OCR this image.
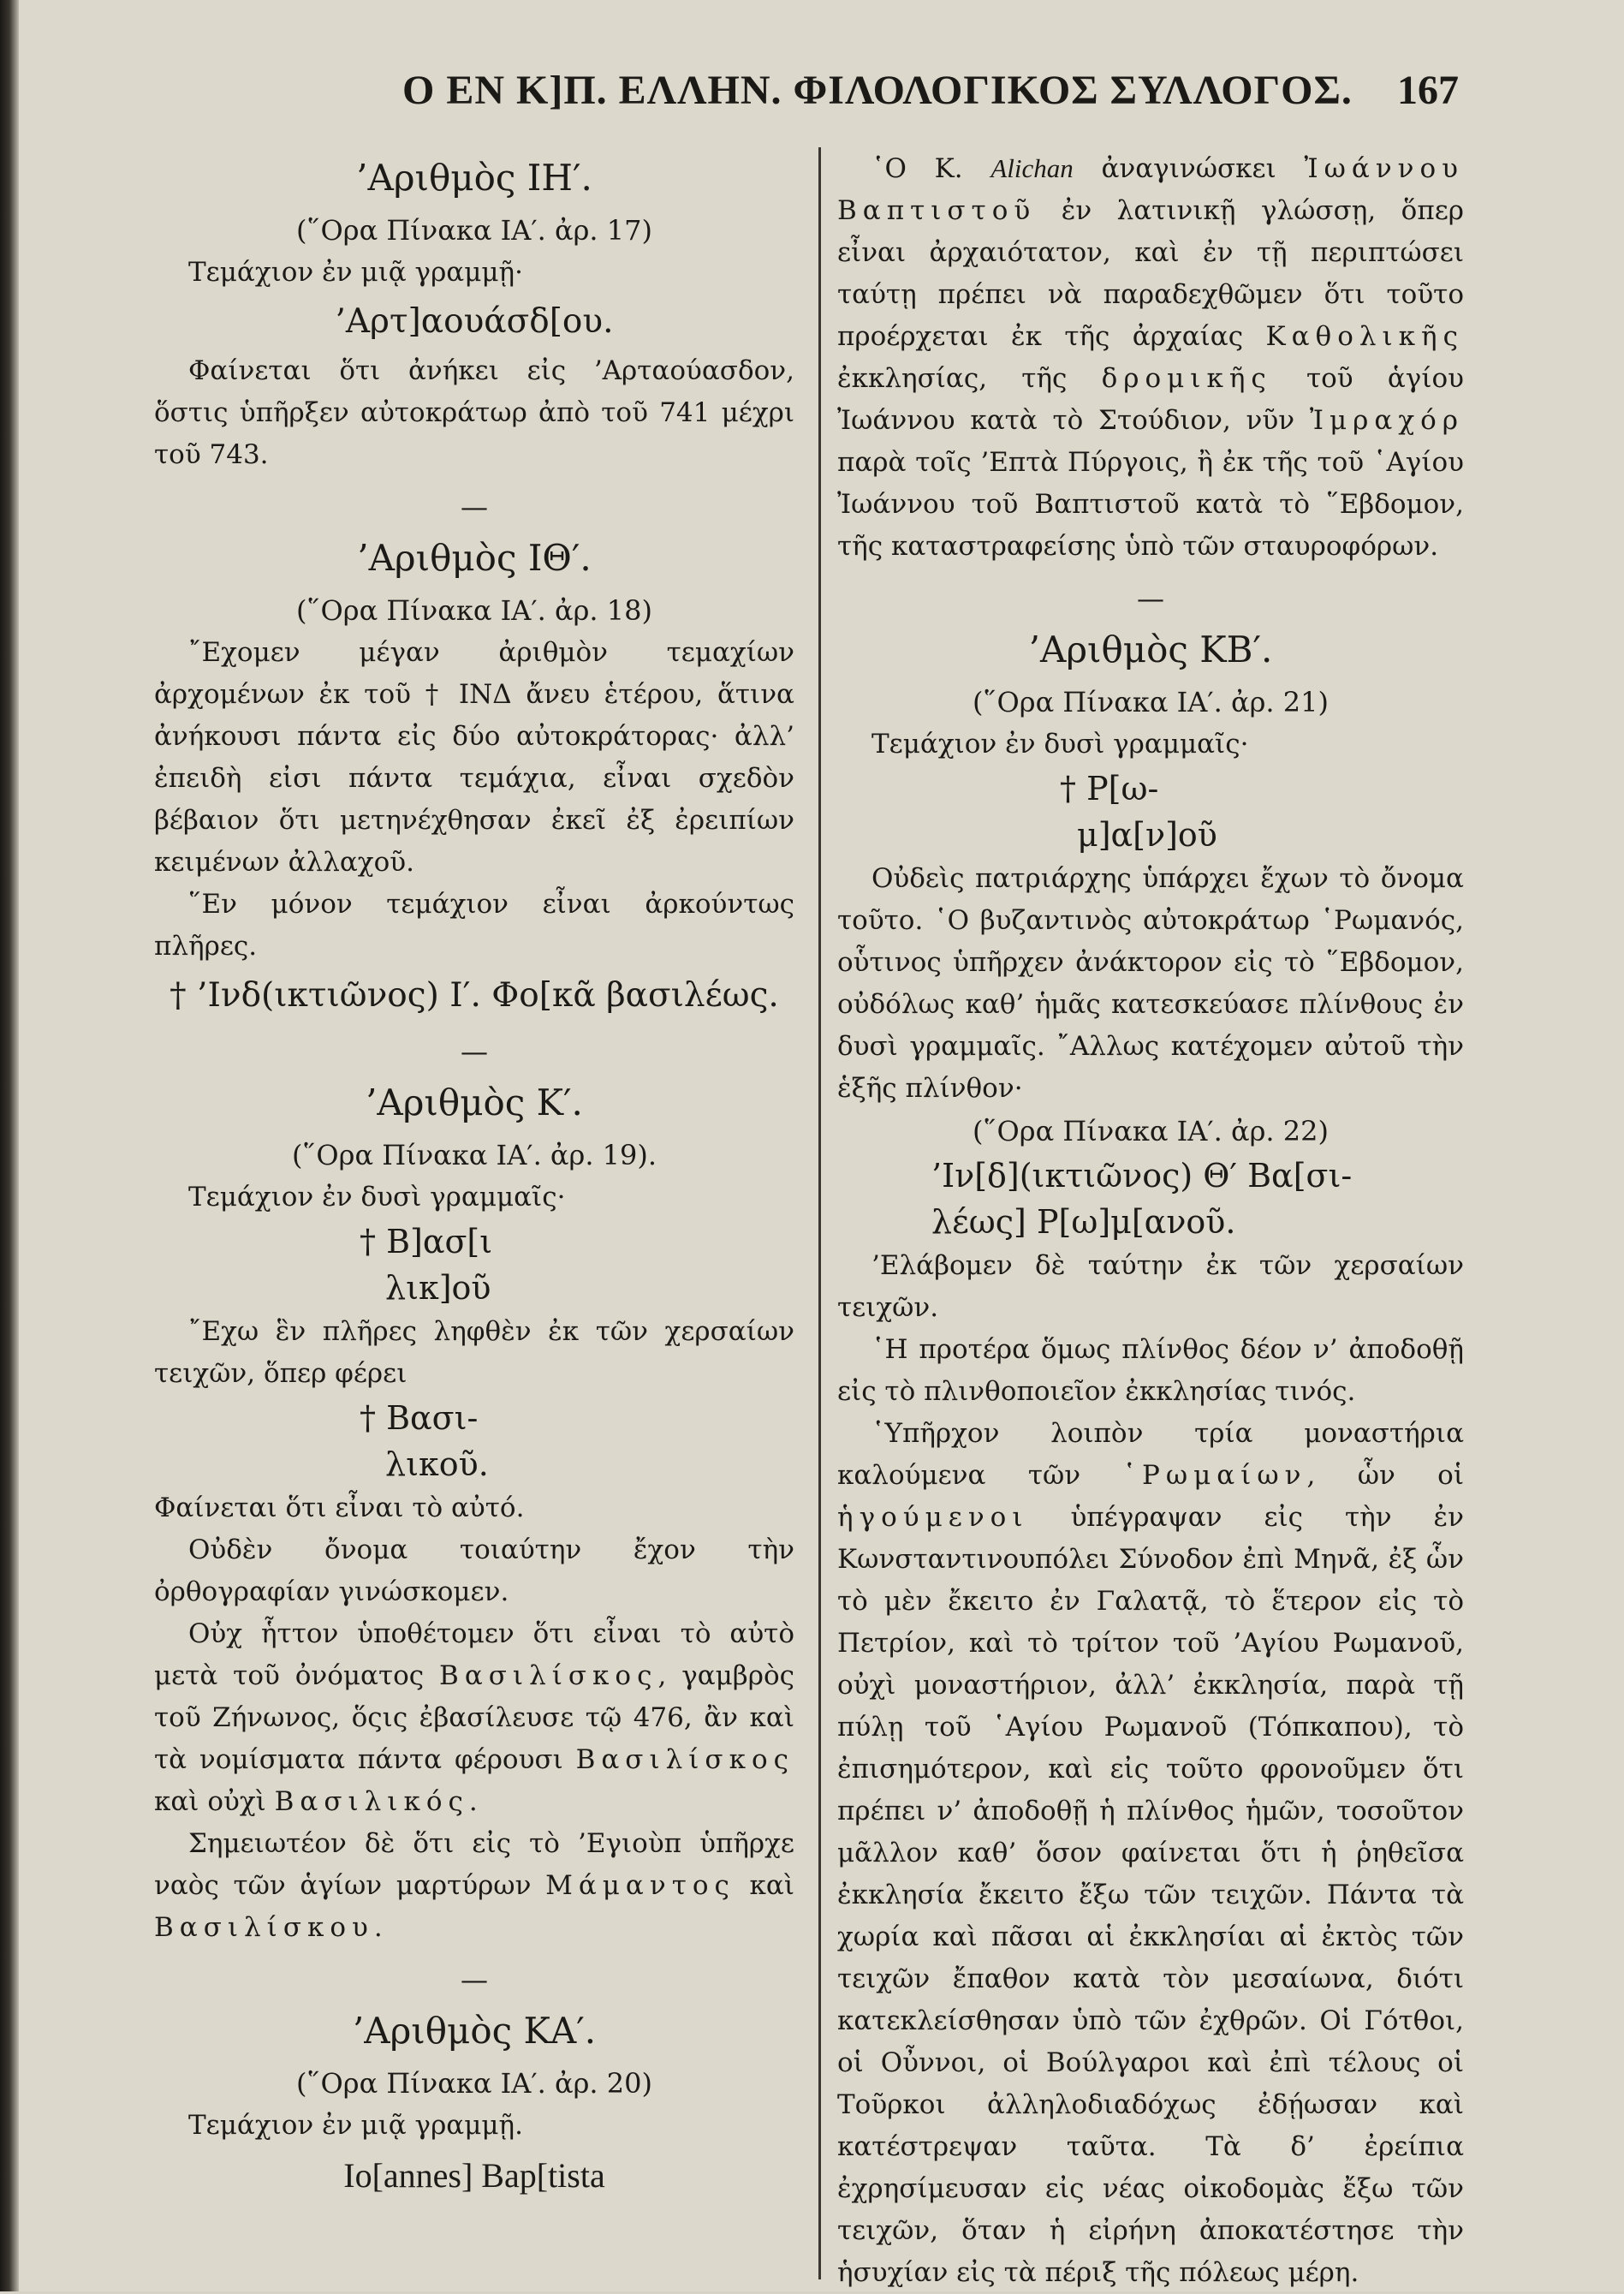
Ο ΕΝ Κ]Π. ΕΛΛΗΝ. ΦΙΛΟΛΟΓΙΚΟΣ ΣΥΛΛΟΓΟΣ. 167
’Αριθμὸς ΙΗ′.
(῞Ορα Πίνακα ΙΑ′. ἀρ. 17)

Τεμάχιον ἐν μιᾷ γραμμῇ·

’Αρτ]αουάσδ[ου.

Φαίνεται ὅτι ἀνήκει εἰς ’Αρταούασδον, ὅστις ὑπῆρξεν αὐτοκράτωρ ἀπὸ τοῦ 741 μέχρι τοῦ 743.

—
’Αριθμὸς ΙΘ′.
(῞Ορα Πίνακα ΙΑ′. ἀρ. 18)

῎Εχομεν μέγαν ἀριθμὸν τεμαχίων ἀρχομένων ἐκ τοῦ † ΙΝΔ ἄνευ ἑτέρου, ἅτινα ἀνήκουσι πάντα εἰς δύο αὐτοκράτορας· ἀλλ’ ἐπειδὴ εἰσι πάντα τεμάχια, εἶναι σχεδὸν βέβαιον ὅτι μετηνέχθησαν ἐκεῖ ἐξ ἐρειπίων κειμένων ἀλλαχοῦ.

῞Εν μόνον τεμάχιον εἶναι ἀρκούντως πλῆρες.

† ’Ινδ(ικτιῶνος) Ι′. Φο[κᾶ βασιλέως.
—
’Αριθμὸς Κ′.
(῞Ορα Πίνακα ΙΑ′. ἀρ. 19).

Τεμάχιον ἐν δυσὶ γραμμαῖς·

† Β]ασ[ι
λικ]οῦ

῎Εχω ἓν πλῆρες ληφθὲν ἐκ τῶν χερσαίων τειχῶν, ὅπερ φέρει

† Βασι-
λικοῦ.

Φαίνεται ὅτι εἶναι τὸ αὐτό.

Οὐδὲν ὄνομα τοιαύτην ἔχον τὴν ὀρθογραφίαν γινώσκομεν.

Οὐχ ἧττον ὑποθέτομεν ὅτι εἶναι τὸ αὐτὸ μετὰ τοῦ ὀνόματος Βασιλίσκος, γαμβρὸς τοῦ Ζήνωνος, ὅςις ἐβασίλευσε τῷ 476, ἂν καὶ τὰ νομίσματα πάντα φέρουσι Βασιλίσκος καὶ οὐχὶ Βασιλικός.

Σημειωτέον δὲ ὅτι εἰς τὸ ’Εγιοὺπ ὑπῆρχε ναὸς τῶν ἁγίων μαρτύρων Μάμαντος καὶ Βασιλίσκου.

—
’Αριθμὸς ΚΑ′.
(῞Ορα Πίνακα ΙΑ′. ἀρ. 20)

Τεμάχιον ἐν μιᾷ γραμμῇ.

Io[annes] Bap[tista

῾Ο Κ. Alichan ἀναγινώσκει Ἰωάννου Βαπτιστοῦ ἐν λατινικῇ γλώσσῃ, ὅπερ εἶναι ἀρχαιότατον, καὶ ἐν τῇ περιπτώσει ταύτῃ πρέπει νὰ παραδεχθῶμεν ὅτι τοῦτο προέρχεται ἐκ τῆς ἀρχαίας Καθολικῆς ἐκκλησίας, τῆς δρομικῆς τοῦ ἁγίου Ἰωάννου κατὰ τὸ Στούδιον, νῦν Ἰμραχόρ παρὰ τοῖς ’Επτὰ Πύργοις, ἢ ἐκ τῆς τοῦ ῾Αγίου Ἰωάννου τοῦ Βαπτιστοῦ κατὰ τὸ ῞Εβδομον, τῆς καταστραφείσης ὑπὸ τῶν σταυροφόρων.

—
’Αριθμὸς ΚΒ′.
(῞Ορα Πίνακα ΙΑ′. ἀρ. 21)

Τεμάχιον ἐν δυσὶ γραμμαῖς·

† Ρ[ω-
μ]α[ν]οῦ

Οὐδεὶς πατριάρχης ὑπάρχει ἔχων τὸ ὄνομα τοῦτο. ῾Ο βυζαντινὸς αὐτοκράτωρ ῾Ρωμανός, οὗτινος ὑπῆρχεν ἀνάκτορον εἰς τὸ ῞Εβδομον, οὐδόλως καθ’ ἡμᾶς κατεσκεύασε πλίνθους ἐν δυσὶ γραμμαῖς. ῎Αλλως κατέχομεν αὐτοῦ τὴν ἑξῆς πλίνθον·

(῞Ορα Πίνακα ΙΑ′. ἀρ. 22)
’Ιν[δ](ικτιῶνος) Θ′ Βα[σι-
λέως] Ρ[ω]μ[ανοῦ.

’Ελάβομεν δὲ ταύτην ἐκ τῶν χερσαίων τειχῶν.

῾Η προτέρα ὅμως πλίνθος δέον ν’ ἀποδοθῇ εἰς τὸ πλινθοποιεῖον ἐκκλησίας τινός.

῾Υπῆρχον λοιπὸν τρία μοναστήρια καλούμενα τῶν ῾Ρωμαίων, ὧν οἱ ἡγούμενοι ὑπέγραψαν εἰς τὴν ἐν Κωνσταντινουπόλει Σύνοδον ἐπὶ Μηνᾶ, ἐξ ὧν τὸ μὲν ἔκειτο ἐν Γαλατᾷ, τὸ ἕτερον εἰς τὸ Πετρίον, καὶ τὸ τρίτον τοῦ ’Αγίου Ρωμανοῦ, οὐχὶ μοναστήριον, ἀλλ’ ἐκκλησία, παρὰ τῇ πύλῃ τοῦ ῾Αγίου Ρωμανοῦ (Τόπκαπου), τὸ ἐπισημότερον, καὶ εἰς τοῦτο φρονοῦμεν ὅτι πρέπει ν’ ἀποδοθῇ ἡ πλίνθος ἡμῶν, τοσοῦτον μᾶλλον καθ’ ὅσον φαίνεται ὅτι ἡ ῥηθεῖσα ἐκκλησία ἔκειτο ἔξω τῶν τειχῶν. Πάντα τὰ χωρία καὶ πᾶσαι αἱ ἐκκλησίαι αἱ ἐκτὸς τῶν τειχῶν ἔπαθον κατὰ τὸν μεσαίωνα, διότι κατεκλείσθησαν ὑπὸ τῶν ἐχθρῶν. Οἱ Γότθοι, οἱ Οὖννοι, οἱ Βούλγαροι καὶ ἐπὶ τέλους οἱ Τοῦρκοι ἀλληλοδιαδόχως ἐδῄωσαν καὶ κατέστρεψαν ταῦτα. Τὰ δ’ ἐρείπια ἐχρησίμευσαν εἰς νέας οἰκοδομὰς ἔξω τῶν τειχῶν, ὅταν ἡ εἰρήνη ἀποκατέστησε τὴν ἡσυχίαν εἰς τὰ πέριξ τῆς πόλεως μέρη.
